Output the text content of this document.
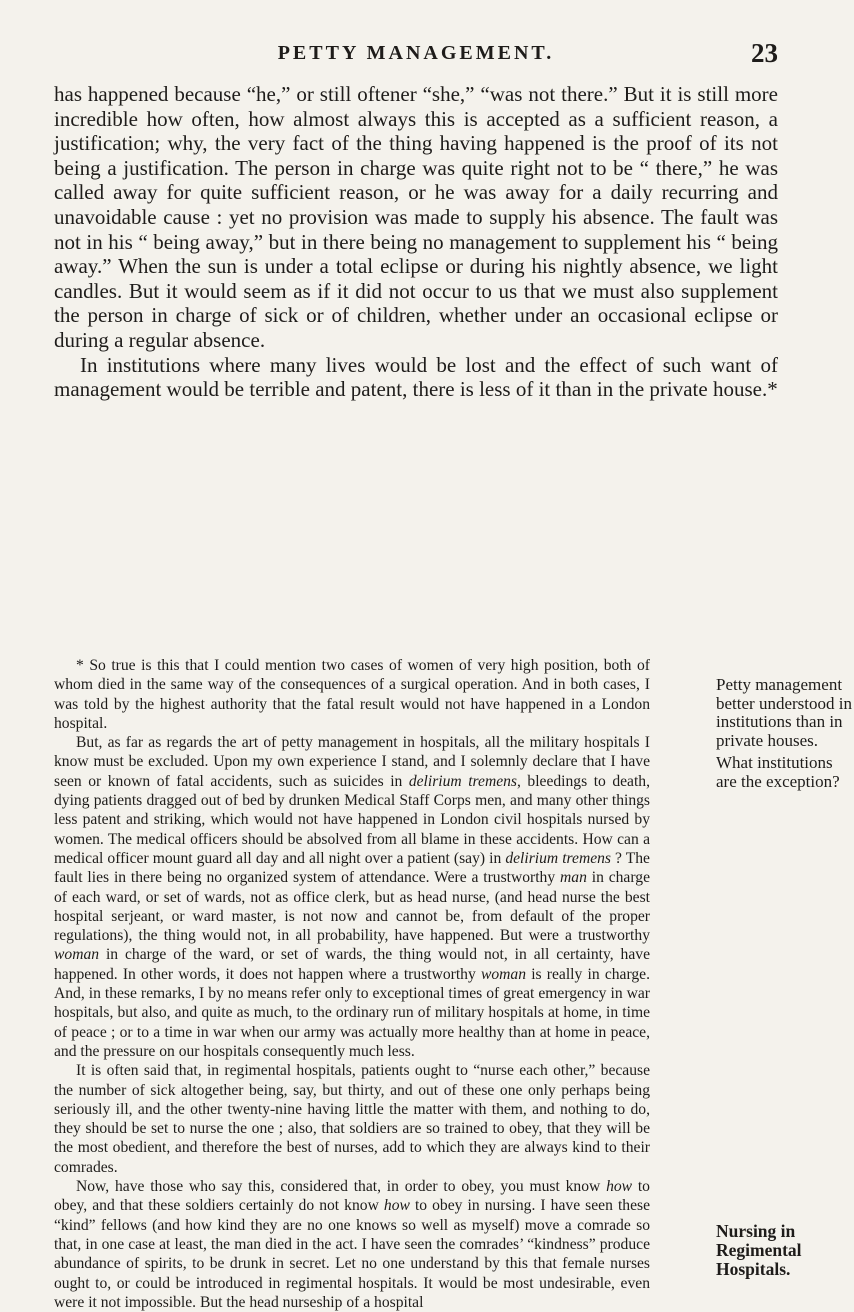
PETTY MANAGEMENT.	23

has happened because “he,” or still oftener “she,” “was not there.” But it is still more incredible how often, how almost always this is accepted as a sufficient reason, a justification; why, the very fact of the thing having happened is the proof of its not being a justification. The person in charge was quite right not to be “ there,” he was called away for quite sufficient reason, or he was away for a daily recurring and unavoidable cause : yet no provision was made to supply his absence. The fault was not in his “ being away,” but in there being no management to supplement his “ being away.” When the sun is under a total eclipse or during his nightly absence, we light candles. But it would seem as if it did not occur to us that we must also supplement the person in charge of sick or of children, whether under an occasional eclipse or during a regular absence.

In institutions where many lives would be lost and the effect of such want of management would be terrible and patent, there is less of it than in the private house.*

* So true is this that I could mention two cases of women of very high position, both of whom died in the same way of the consequences of a surgical operation. And in both cases, I was told by the highest authority that the fatal result would not have happened in a London hospital.

But, as far as regards the art of petty management in hospitals, all the military hospitals I know must be excluded. Upon my own experience I stand, and I solemnly declare that I have seen or known of fatal accidents, such as suicides in delirium tremens, bleedings to death, dying patients dragged out of bed by drunken Medical Staff Corps men, and many other things less patent and striking, which would not have happened in London civil hospitals nursed by women. The medical officers should be absolved from all blame in these accidents. How can a medical officer mount guard all day and all night over a patient (say) in delirium tremens ? The fault lies in there being no organized system of attendance. Were a trustworthy man in charge of each ward, or set of wards, not as office clerk, but as head nurse, (and head nurse the best hospital serjeant, or ward master, is not now and cannot be, from default of the proper regulations), the thing would not, in all probability, have happened. But were a trustworthy woman in charge of the ward, or set of wards, the thing would not, in all certainty, have happened. In other words, it does not happen where a trustworthy woman is really in charge. And, in these remarks, I by no means refer only to exceptional times of great emergency in war hospitals, but also, and quite as much, to the ordinary run of military hospitals at home, in time of peace ; or to a time in war when our army was actually more healthy than at home in peace, and the pressure on our hospitals consequently much less.

It is often said that, in regimental hospitals, patients ought to “nurse each other,” because the number of sick altogether being, say, but thirty, and out of these one only perhaps being seriously ill, and the other twenty-nine having little the matter with them, and nothing to do, they should be set to nurse the one ; also, that soldiers are so trained to obey, that they will be the most obedient, and therefore the best of nurses, add to which they are always kind to their comrades.

Now, have those who say this, considered that, in order to obey, you must know how to obey, and that these soldiers certainly do not know how to obey in nursing. I have seen these “kind” fellows (and how kind they are no one knows so well as myself) move a comrade so that, in one case at least, the man died in the act. I have seen the comrades’ “kindness” produce abundance of spirits, to be drunk in secret. Let no one understand by this that female nurses ought to, or could be introduced in regimental hospitals. It would be most undesirable, even were it not impossible. But the head nurseship of a hospital

Petty management better understood in institutions than in private houses.

What institutions are the exception?

Nursing in Regimental Hospitals.
